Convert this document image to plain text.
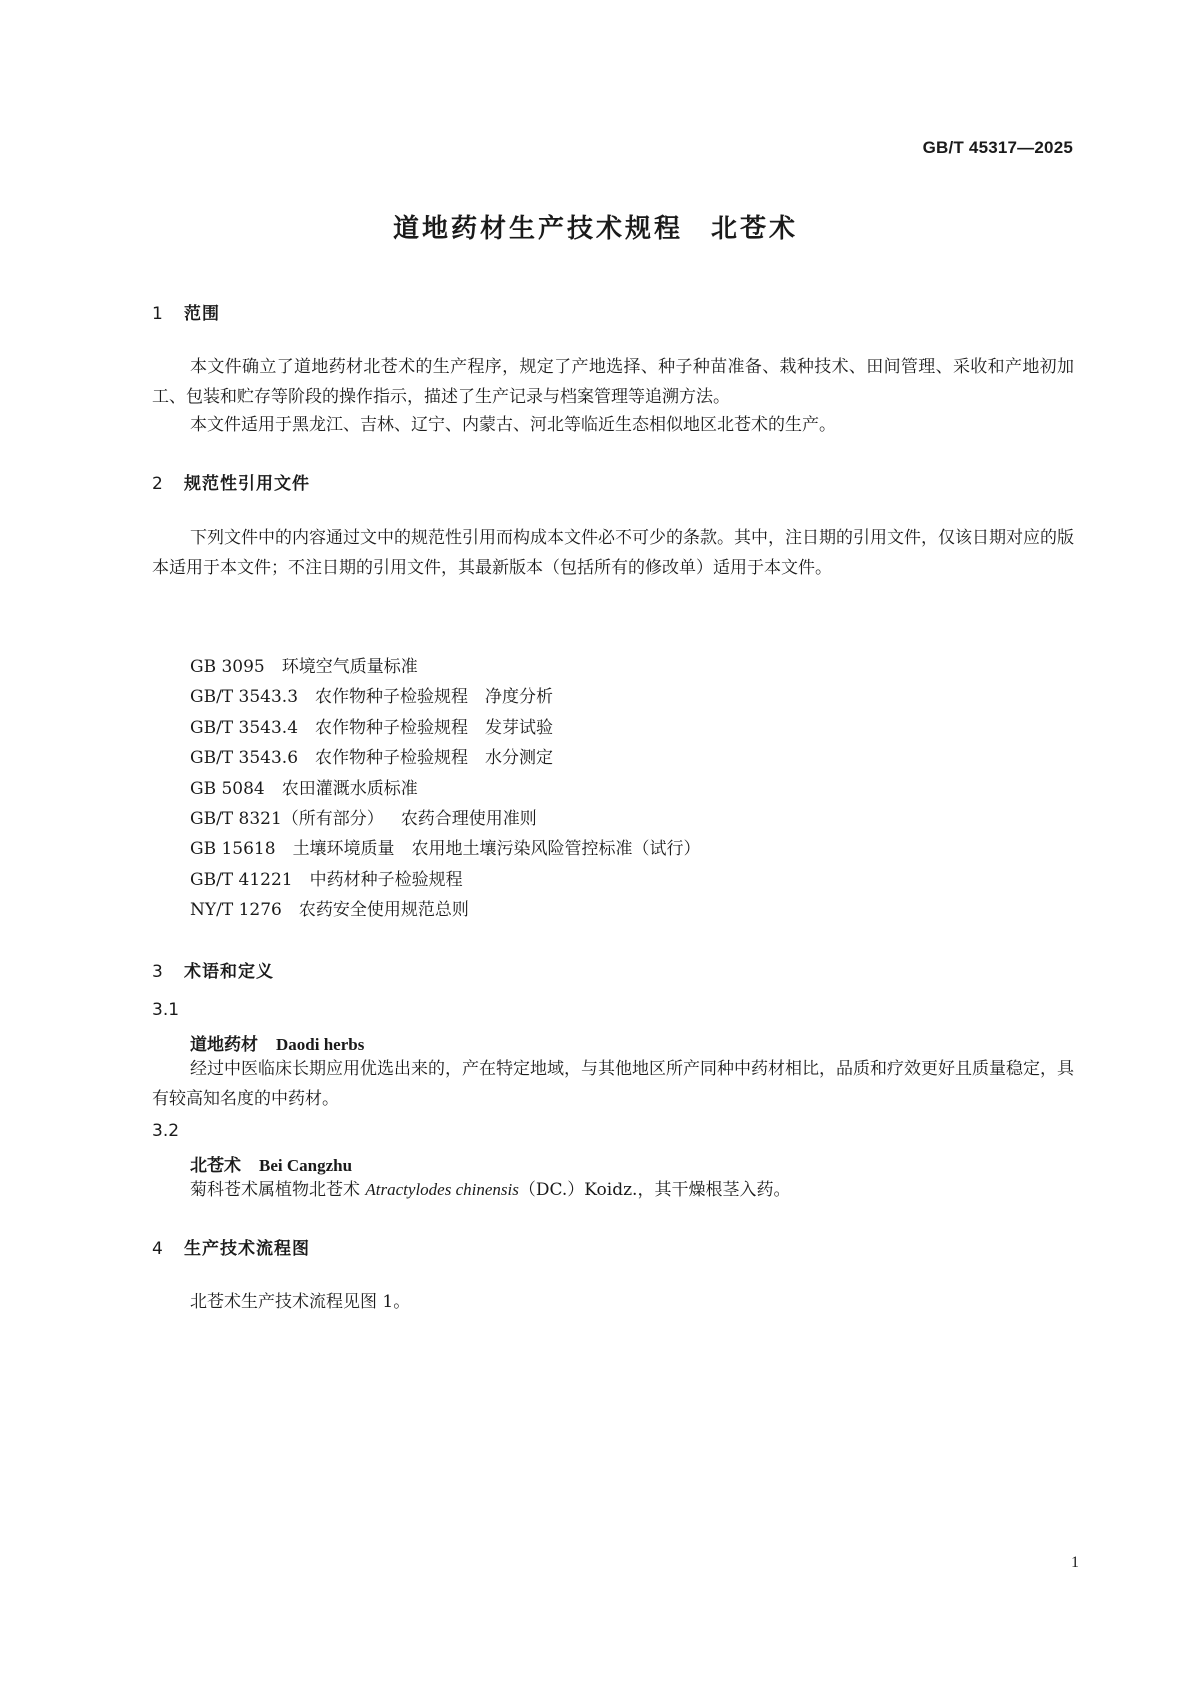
GB/T 45317—2025
道地药材生产技术规程 北苍术
1 范围
本文件确立了道地药材北苍术的生产程序，规定了产地选择、种子种苗准备、栽种技术、田间管理、采收和产地初加工、包装和贮存等阶段的操作指示，描述了生产记录与档案管理等追溯方法。
本文件适用于黑龙江、吉林、辽宁、内蒙古、河北等临近生态相似地区北苍术的生产。
2 规范性引用文件
下列文件中的内容通过文中的规范性引用而构成本文件必不可少的条款。其中，注日期的引用文件，仅该日期对应的版本适用于本文件；不注日期的引用文件，其最新版本（包括所有的修改单）适用于本文件。
GB 3095 环境空气质量标准
GB/T 3543.3 农作物种子检验规程　净度分析
GB/T 3543.4 农作物种子检验规程　发芽试验
GB/T 3543.6 农作物种子检验规程　水分测定
GB 5084 农田灌溉水质标准
GB/T 8321（所有部分） 农药合理使用准则
GB 15618 土壤环境质量　农用地土壤污染风险管控标准（试行）
GB/T 41221 中药材种子检验规程
NY/T 1276 农药安全使用规范总则
3 术语和定义
3.1
道地药材 Daodi herbs
经过中医临床长期应用优选出来的，产在特定地域，与其他地区所产同种中药材相比，品质和疗效更好且质量稳定，具有较高知名度的中药材。
3.2
北苍术 Bei Cangzhu
菊科苍术属植物北苍术 Atractylodes chinensis（DC.）Koidz.，其干燥根茎入药。
4 生产技术流程图
北苍术生产技术流程见图 1。
1
